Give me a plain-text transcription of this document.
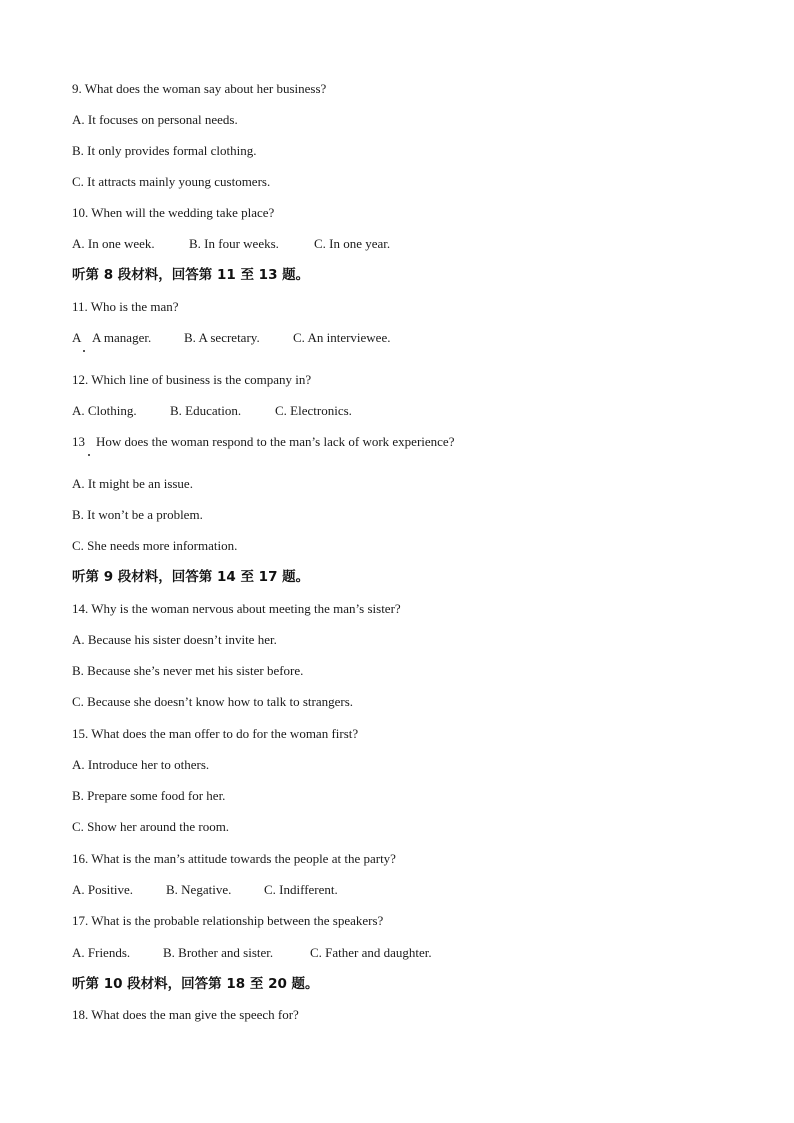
9. What does the woman say about her business?
A. It focuses on personal needs.
B. It only provides formal clothing.
C. It attracts mainly young customers.
10. When will the wedding take place?
A. In one week.	B. In four weeks.	C. In one year.
听第 8 段材料，回答第 11 至 13 题。
11. Who is the man?
A A manager.	B. A secretary.	C. An interviewee.
12. Which line of business is the company in?
A. Clothing.	B. Education.	C. Electronics.
13 How does the woman respond to the man’s lack of work experience?
A. It might be an issue.
B. It won’t be a problem.
C. She needs more information.
听第 9 段材料，回答第 14 至 17 题。
14. Why is the woman nervous about meeting the man’s sister?
A. Because his sister doesn’t invite her.
B. Because she’s never met his sister before.
C. Because she doesn’t know how to talk to strangers.
15. What does the man offer to do for the woman first?
A. Introduce her to others.
B. Prepare some food for her.
C. Show her around the room.
16. What is the man’s attitude towards the people at the party?
A. Positive.	B. Negative.	C. Indifferent.
17. What is the probable relationship between the speakers?
A. Friends.	B. Brother and sister.	C. Father and daughter.
听第 10 段材料，回答第 18 至 20 题。
18. What does the man give the speech for?
